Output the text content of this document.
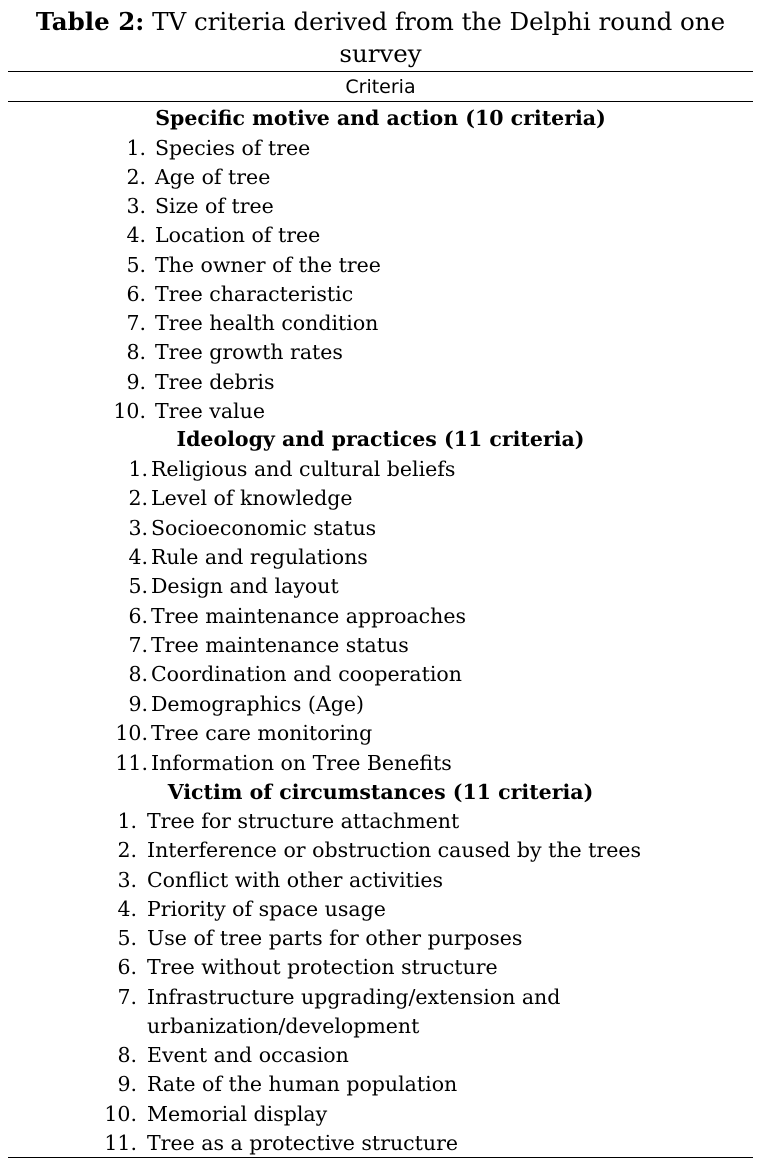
Table 2: TV criteria derived from the Delphi round one survey
Criteria
Specific motive and action (10 criteria)
1. Species of tree
2. Age of tree
3. Size of tree
4. Location of tree
5. The owner of the tree
6. Tree characteristic
7. Tree health condition
8. Tree growth rates
9. Tree debris
10. Tree value
Ideology and practices (11 criteria)
1. Religious and cultural beliefs
2. Level of knowledge
3. Socioeconomic status
4. Rule and regulations
5. Design and layout
6. Tree maintenance approaches
7. Tree maintenance status
8. Coordination and cooperation
9. Demographics (Age)
10. Tree care monitoring
11. Information on Tree Benefits
Victim of circumstances (11 criteria)
1. Tree for structure attachment
2. Interference or obstruction caused by the trees
3. Conflict with other activities
4. Priority of space usage
5. Use of tree parts for other purposes
6. Tree without protection structure
7. Infrastructure upgrading/extension and
urbanization/development
8. Event and occasion
9. Rate of the human population
10. Memorial display
11. Tree as a protective structure
